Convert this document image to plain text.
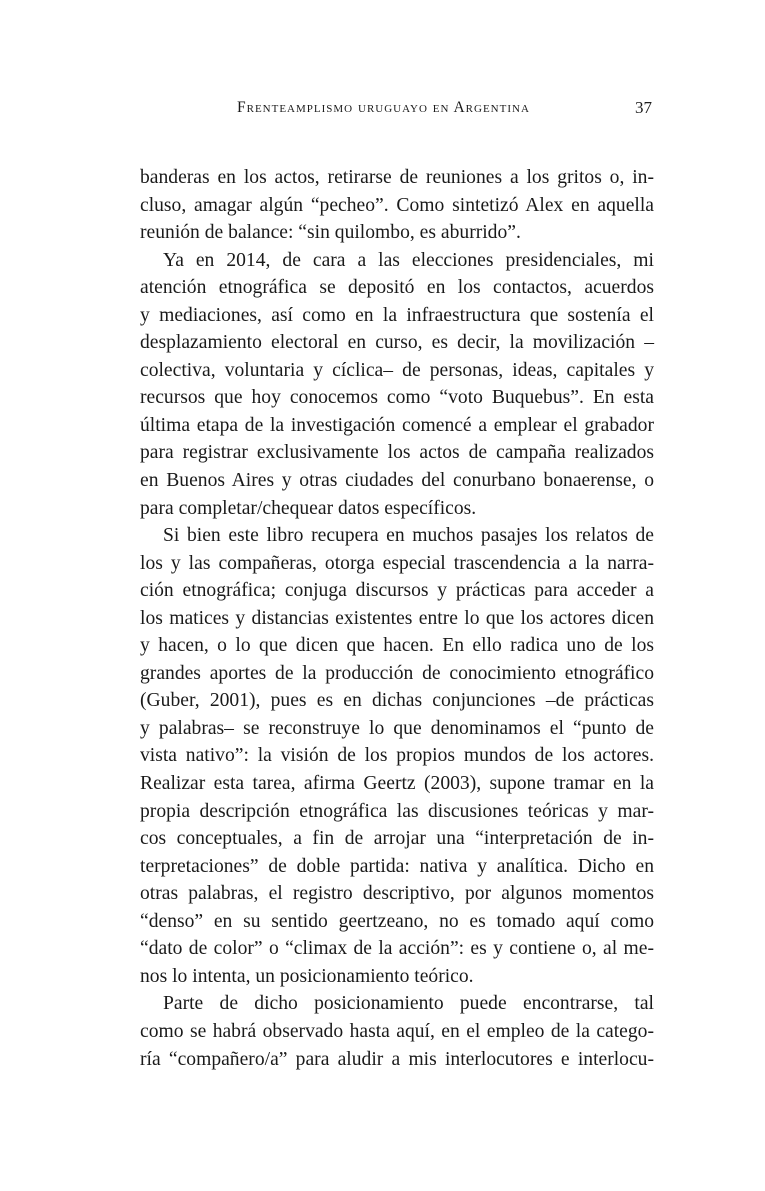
Frenteamplismo uruguayo en Argentina	37
banderas en los actos, retirarse de reuniones a los gritos o, in-
cluso, amagar algún “pecheo”. Como sintetizó Alex en aquella
reunión de balance: “sin quilombo, es aburrido”.
Ya en 2014, de cara a las elecciones presidenciales, mi
atención etnográfica se depositó en los contactos, acuerdos
y mediaciones, así como en la infraestructura que sostenía el
desplazamiento electoral en curso, es decir, la movilización –
colectiva, voluntaria y cíclica– de personas, ideas, capitales y
recursos que hoy conocemos como “voto Buquebus”. En esta
última etapa de la investigación comencé a emplear el grabador
para registrar exclusivamente los actos de campaña realizados
en Buenos Aires y otras ciudades del conurbano bonaerense, o
para completar/chequear datos específicos.
Si bien este libro recupera en muchos pasajes los relatos de
los y las compañeras, otorga especial trascendencia a la narra-
ción etnográfica; conjuga discursos y prácticas para acceder a
los matices y distancias existentes entre lo que los actores dicen
y hacen, o lo que dicen que hacen. En ello radica uno de los
grandes aportes de la producción de conocimiento etnográfico
(Guber, 2001), pues es en dichas conjunciones –de prácticas
y palabras– se reconstruye lo que denominamos el “punto de
vista nativo”: la visión de los propios mundos de los actores.
Realizar esta tarea, afirma Geertz (2003), supone tramar en la
propia descripción etnográfica las discusiones teóricas y mar-
cos conceptuales, a fin de arrojar una “interpretación de in-
terpretaciones” de doble partida: nativa y analítica. Dicho en
otras palabras, el registro descriptivo, por algunos momentos
“denso” en su sentido geertzeano, no es tomado aquí como
“dato de color” o “climax de la acción”: es y contiene o, al me-
nos lo intenta, un posicionamiento teórico.
Parte de dicho posicionamiento puede encontrarse, tal
como se habrá observado hasta aquí, en el empleo de la catego-
ría “compañero/a” para aludir a mis interlocutores e interlocu-
